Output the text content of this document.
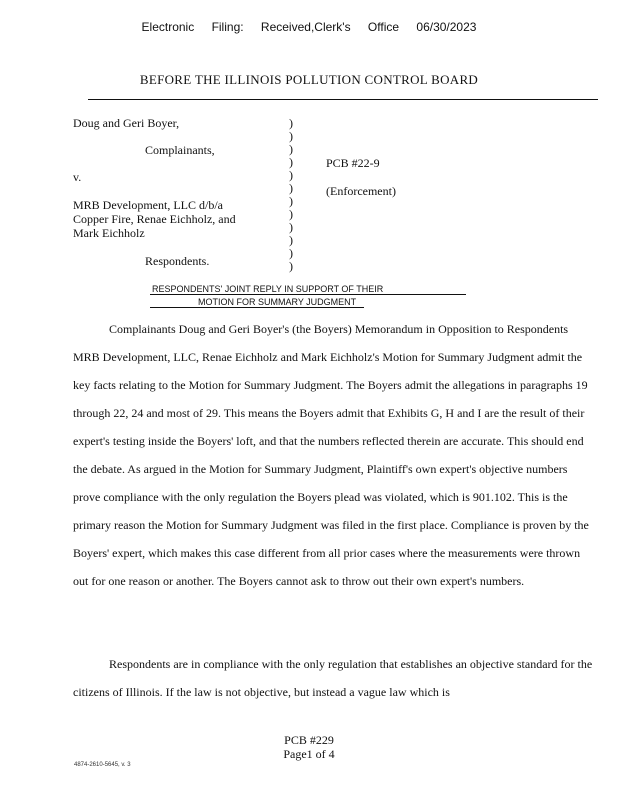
Electronic Filing: Received,Clerk's Office 06/30/2023
BEFORE THE ILLINOIS POLLUTION CONTROL BOARD
Doug and Geri Boyer,
Complainants,
v.
MRB Development, LLC d/b/a
Copper Fire, Renae Eichholz, and
Mark Eichholz
Respondents.
)
)
)
)
)
)
)
)
)
)
)
)
PCB #22-9
(Enforcement)
RESPONDENTS' JOINT REPLY IN SUPPORT OF THEIR
MOTION FOR SUMMARY JUDGMENT
Complainants Doug and Geri Boyer's (the Boyers) Memorandum in Opposition to Respondents MRB Development, LLC, Renae Eichholz and Mark Eichholz's Motion for Summary Judgment admit the key facts relating to the Motion for Summary Judgment. The Boyers admit the allegations in paragraphs 19 through 22, 24 and most of 29. This means the Boyers admit that Exhibits G, H and I are the result of their expert's testing inside the Boyers' loft, and that the numbers reflected therein are accurate. This should end the debate. As argued in the Motion for Summary Judgment, Plaintiff's own expert's objective numbers prove compliance with the only regulation the Boyers plead was violated, which is 901.102. This is the primary reason the Motion for Summary Judgment was filed in the first place. Compliance is proven by the Boyers' expert, which makes this case different from all prior cases where the measurements were thrown out for one reason or another. The Boyers cannot ask to throw out their own expert's numbers.
Respondents are in compliance with the only regulation that establishes an objective standard for the citizens of Illinois. If the law is not objective, but instead a vague law which is
PCB #229
Page1 of 4
4874-2610-5645, v. 3
